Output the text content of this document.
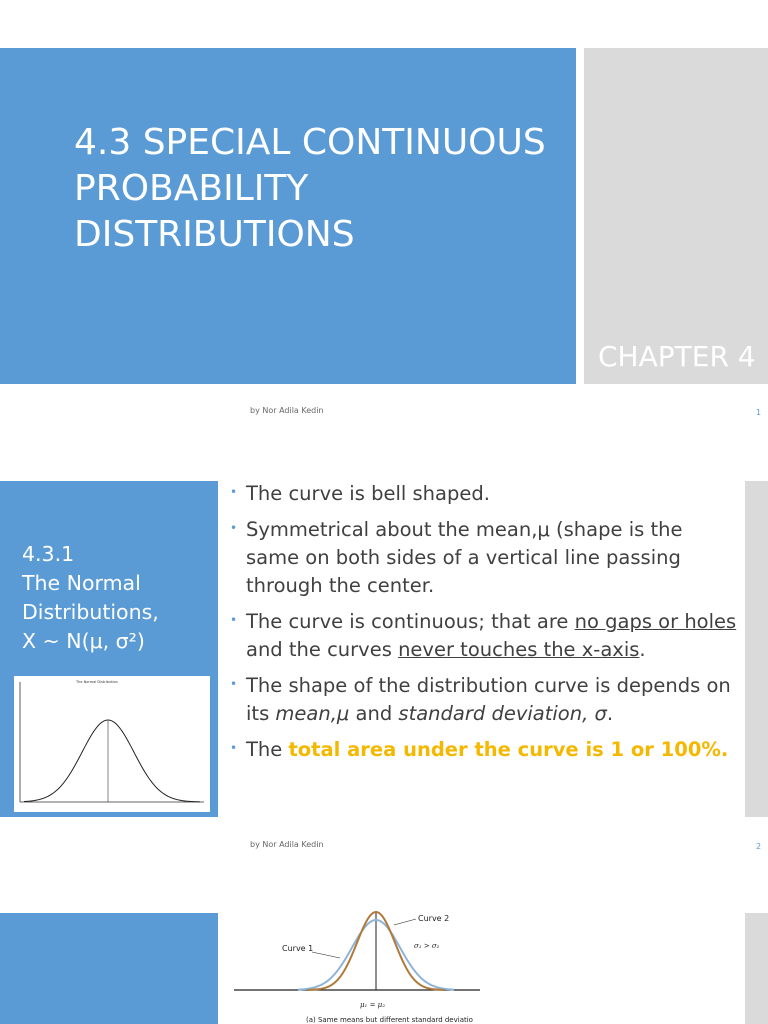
4.3 SPECIAL CONTINUOUS PROBABILITY DISTRIBUTIONS
CHAPTER 4
by Nor Adila Kedin	1
4.3.1
The Normal Distributions,
X ~ N(μ, σ²)
The Normal Distribution
• The curve is bell shaped.
• Symmetrical about the mean,μ (shape is the same on both sides of a vertical line passing through the center.
• The curve is continuous; that are no gaps or holes and the curves never touches the x-axis.
• The shape of the distribution curve is depends on its mean,μ and standard deviation, σ.
• The total area under the curve is 1 or 100%.
by Nor Adila Kedin	2
Curve 1
Curve 2
σ₁ > σ₂
μ₁ = μ₂
(a) Same means but different standard deviatio
